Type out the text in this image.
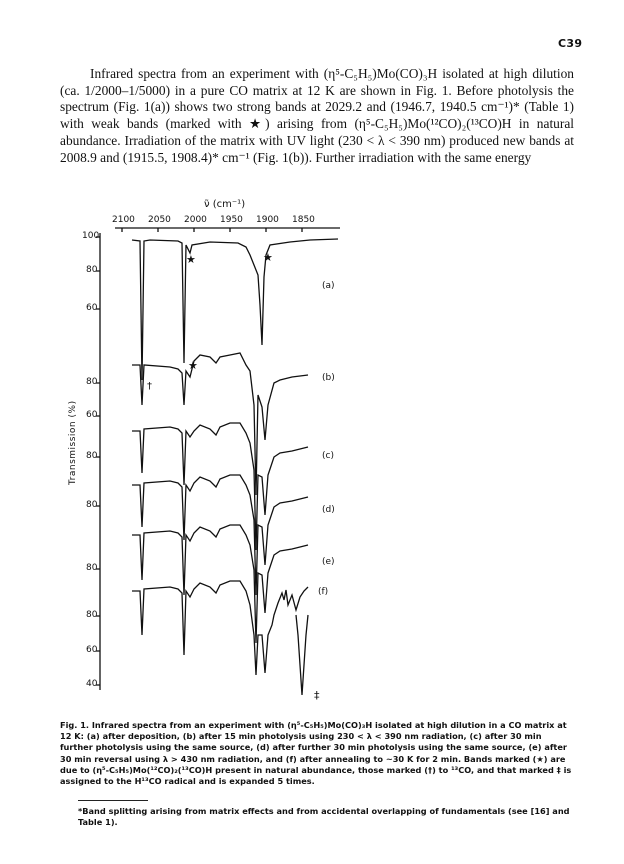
C39

Infrared spectra from an experiment with (η⁵-C₅H₅)Mo(CO)₃H isolated at high dilution (ca. 1/2000–1/5000) in a pure CO matrix at 12 K are shown in Fig. 1. Before photolysis the spectrum (Fig. 1(a)) shows two strong bands at 2029.2 and (1946.7, 1940.5 cm⁻¹)* (Table 1) with weak bands (marked with ★) arising from (η⁵-C₅H₅)Mo(¹²CO)₂(¹³CO)H in natural abundance. Irradiation of the matrix with UV light (230 < λ < 390 nm) produced new bands at 2008.9 and (1915.5, 1908.4)* cm⁻¹ (Fig. 1(b)). Further irradiation with the same energy

ν̃ (cm⁻¹)
2100 2050 2000 1950 1900 1850
100
80
60
80
60
80
80
80
80
60
40
Transmission (%)
(a)
(b)
(c)
(d)
(e)
(f)
★	★
★
†
‡

Fig. 1. Infrared spectra from an experiment with (η⁵-C₅H₅)Mo(CO)₃H isolated at high dilution in a CO matrix at 12 K: (a) after deposition, (b) after 15 min photolysis using 230 < λ < 390 nm radiation, (c) after 30 min further photolysis using the same source, (d) after further 30 min photolysis using the same source, (e) after 30 min reversal using λ > 430 nm radiation, and (f) after annealing to ~30 K for 2 min. Bands marked (★) are due to (η⁵-C₅H₅)Mo(¹²CO)₂(¹³CO)H present in natural abundance, those marked (†) to ¹³CO, and that marked ‡ is assigned to the H¹³CO radical and is expanded 5 times.

*Band splitting arising from matrix effects and from accidental overlapping of fundamentals (see [16] and Table 1).
